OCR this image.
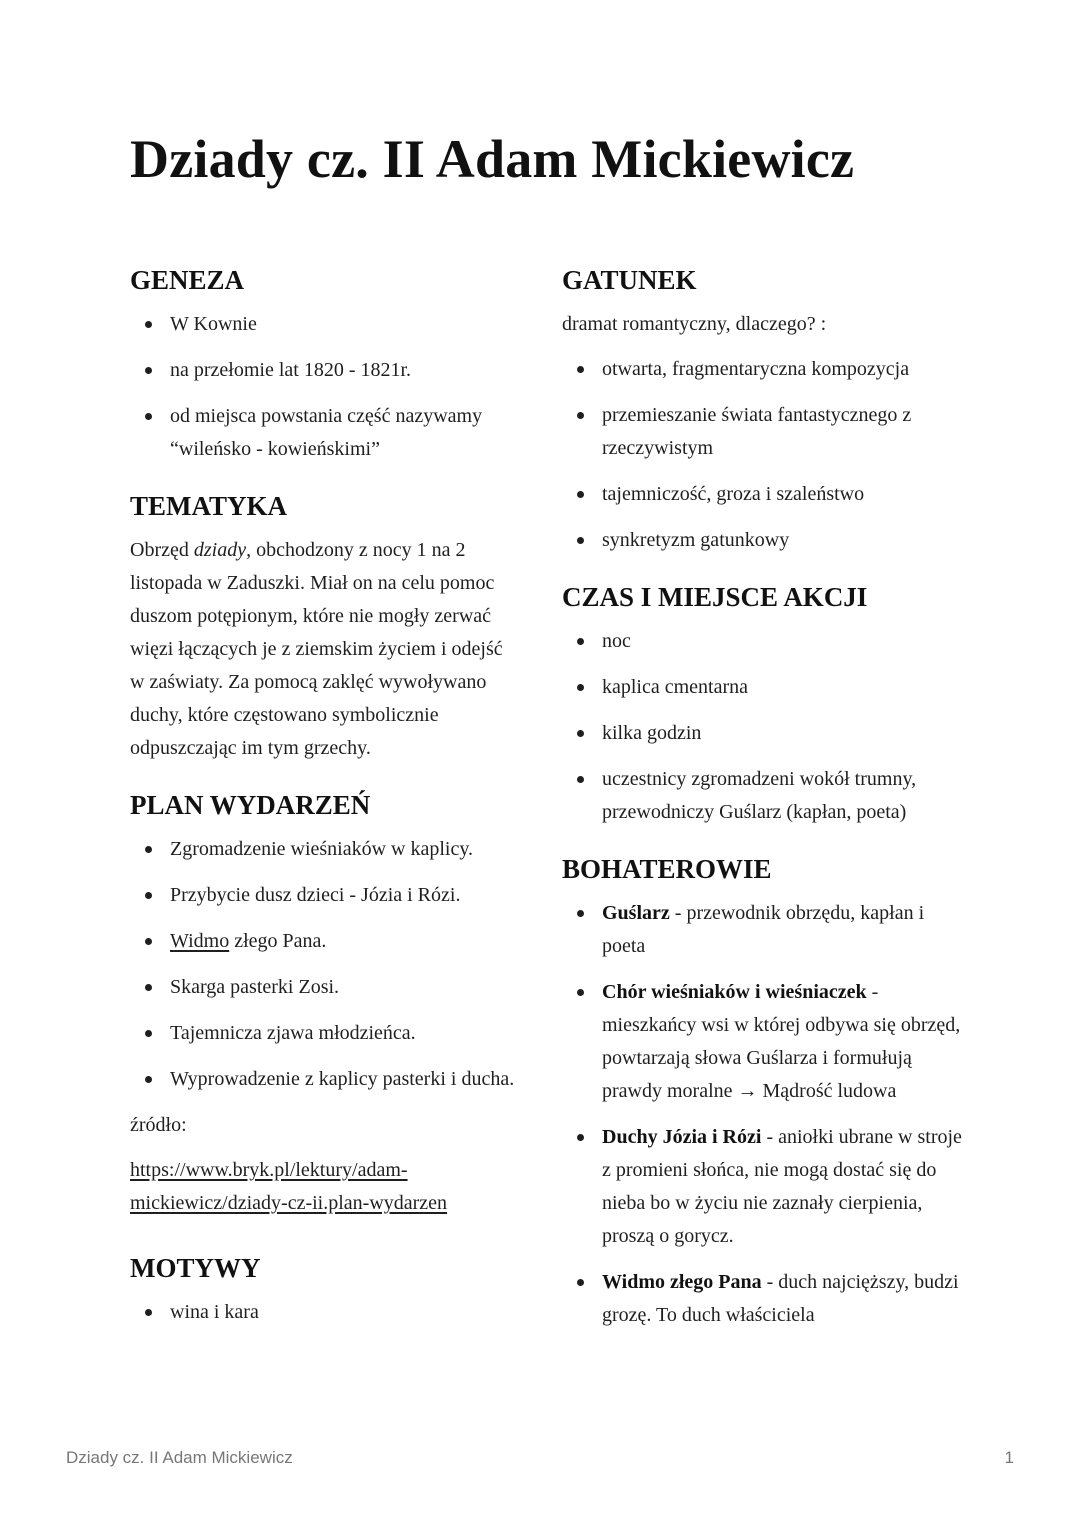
Dziady cz. II Adam Mickiewicz
GENEZA
W Kownie
na przełomie lat 1820 - 1821r.
od miejsca powstania część nazywamy “wileńsko - kowieńskimi”
TEMATYKA

Obrzęd dziady, obchodzony z nocy 1 na 2 listopada w Zaduszki. Miał on na celu pomoc duszom potępionym, które nie mogły zerwać więzi łączących je z ziemskim życiem i odejść w zaświaty. Za pomocą zaklęć wywoływano duchy, które częstowano symbolicznie odpuszczając im tym grzechy.

PLAN WYDARZEŃ
Zgromadzenie wieśniaków w kaplicy.
Przybycie dusz dzieci - Józia i Rózi.
Widmo złego Pana.
Skarga pasterki Zosi.
Tajemnicza zjawa młodzieńca.
Wyprowadzenie z kaplicy pasterki i ducha.

źródło:

https://www.bryk.pl/lektury/adam-mickiewicz/dziady-cz-ii.plan-wydarzen

MOTYWY
wina i kara
GATUNEK

dramat romantyczny, dlaczego? :

otwarta, fragmentaryczna kompozycja
przemieszanie świata fantastycznego z rzeczywistym
tajemniczość, groza i szaleństwo
synkretyzm gatunkowy
CZAS I MIEJSCE AKCJI
noc
kaplica cmentarna
kilka godzin
uczestnicy zgromadzeni wokół trumny, przewodniczy Guślarz (kapłan, poeta)
BOHATEROWIE
Guślarz - przewodnik obrzędu, kapłan i poeta
Chór wieśniaków i wieśniaczek - mieszkańcy wsi w której odbywa się obrzęd, powtarzają słowa Guślarza i formułują prawdy moralne → Mądrość ludowa
Duchy Józia i Rózi - aniołki ubrane w stroje z promieni słońca, nie mogą dostać się do nieba bo w życiu nie zaznały cierpienia, proszą o gorycz.
Widmo złego Pana - duch najcięższy, budzi grozę. To duch właściciela
Dziady cz. II Adam Mickiewicz	1
